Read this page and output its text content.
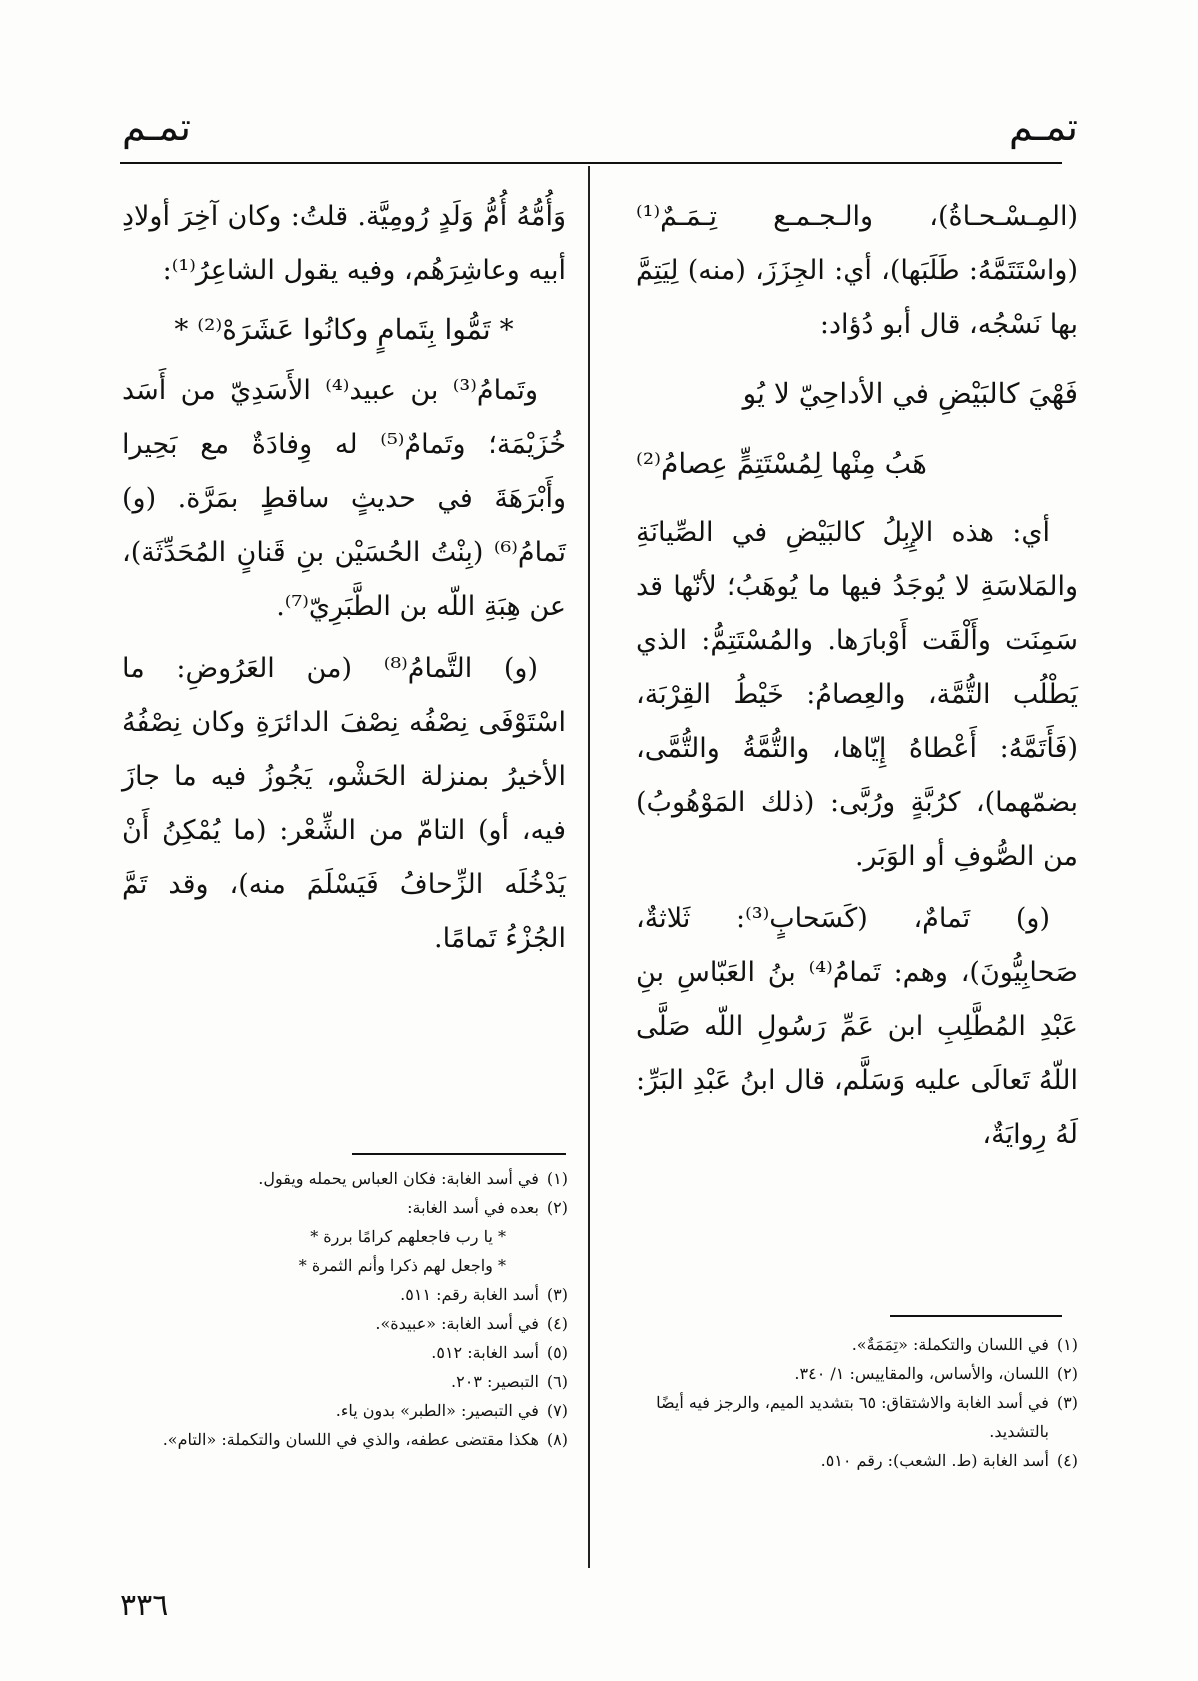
تمـم
تمـم

(المِـسْـحـاةُ)، والـجـمـع تِـمَـمٌ⁽¹⁾ (واسْتَتَمَّهُ: طَلَبَها)، أي: الجِزَزَ، (منه) لِيَتِمَّ بها نَسْجُه، قال أبو دُؤاد:

فَهْيَ كالبَيْضِ في الأداحِيّ لا يُو
هَبُ مِنْها لِمُسْتَتِمٍّ عِصامُ⁽²⁾

أي: هذه الإِبِلُ كالبَيْضِ في الصِّيانَةِ والمَلاسَةِ لا يُوجَدُ فيها ما يُوهَبُ؛ لأنّها قد سَمِنَت وأَلْقَت أَوْبارَها. والمُسْتَتِمُّ: الذي يَطْلُب التُّمَّة، والعِصامُ: خَيْطُ القِرْبَة، (فَأَتَمَّهُ: أَعْطاهُ إِيّاها، والتُّمَّةُ والتُّمَّى، بضمّهما)، كرُبَّةٍ ورُبَّى: (ذلك المَوْهُوبُ) من الصُّوفِ أو الوَبَر.

(و) تَمامٌ، (كَسَحابٍ⁽³⁾: ثَلاثةٌ، صَحابِيُّونَ)، وهم: تَمامُ⁽⁴⁾ بنُ العَبّاسِ بنِ عَبْدِ المُطَّلِبِ ابن عَمِّ رَسُولِ اللّه صَلَّى اللّهُ تَعالَى عليه وَسَلَّم، قال ابنُ عَبْدِ البَرِّ: لَهُ رِوايَةٌ،

وَأُمُّهُ أُمُّ وَلَدٍ رُومِيَّة. قلتُ: وكان آخِرَ أولادِ أبيه وعاشِرَهُم، وفيه يقول الشاعِرُ⁽¹⁾:

* تَمُّوا بِتَمامٍ وكانُوا عَشَرَهْ⁽²⁾ *

وتَمامُ⁽³⁾ بن عبيد⁽⁴⁾ الأَسَدِيّ من أَسَد خُزَيْمَة؛ وتَمامٌ⁽⁵⁾ له وِفادَةٌ مع بَحِيرا وأَبْرَهَةَ في حديثٍ ساقطٍ بمَرَّة. (و) تَمامُ⁽⁶⁾ (بِنْتُ الحُسَيْن بنِ قَنانٍ المُحَدِّثَة)، عن هِبَةِ اللّه بن الطَّبَرِيّ⁽⁷⁾.

(و) التَّمامُ⁽⁸⁾ (من العَرُوضِ: ما اسْتَوْفَى نِصْفُه نِصْفَ الدائرَةِ وكان نِصْفُهُ الأخيرُ بمنزلة الحَشْو، يَجُوزُ فيه ما جازَ فيه، أو) التامّ من الشِّعْر: (ما يُمْكِنُ أَنْ يَدْخُلَه الزِّحافُ فَيَسْلَمَ منه)، وقد تَمَّ الجُزْءُ تَمامًا.

(١)
في اللسان والتكملة: «تِمَمَةٌ».
(٢)
اللسان، والأساس، والمقاييس: ١/ ٣٤٠.
(٣)
في أسد الغابة والاشتقاق: ٦٥ بتشديد الميم، والرجز فيه أيضًا بالتشديد.
(٤)
أسد الغابة (ط. الشعب): رقم ٥١٠.
(١)
في أسد الغابة: فكان العباس يحمله ويقول.
(٢)
بعده في أسد الغابة:
* يا رب فاجعلهم كرامًا بررة *
* واجعل لهم ذكرا وأنم الثمرة *
(٣)
أسد الغابة رقم: ٥١١.
(٤)
في أسد الغابة: «عبيدة».
(٥)
أسد الغابة: ٥١٢.
(٦)
التبصير: ٢٠٣.
(٧)
في التبصير: «الطبر» بدون ياء.
(٨)
هكذا مقتضى عطفه، والذي في اللسان والتكملة: «التام».
٣٣٦
